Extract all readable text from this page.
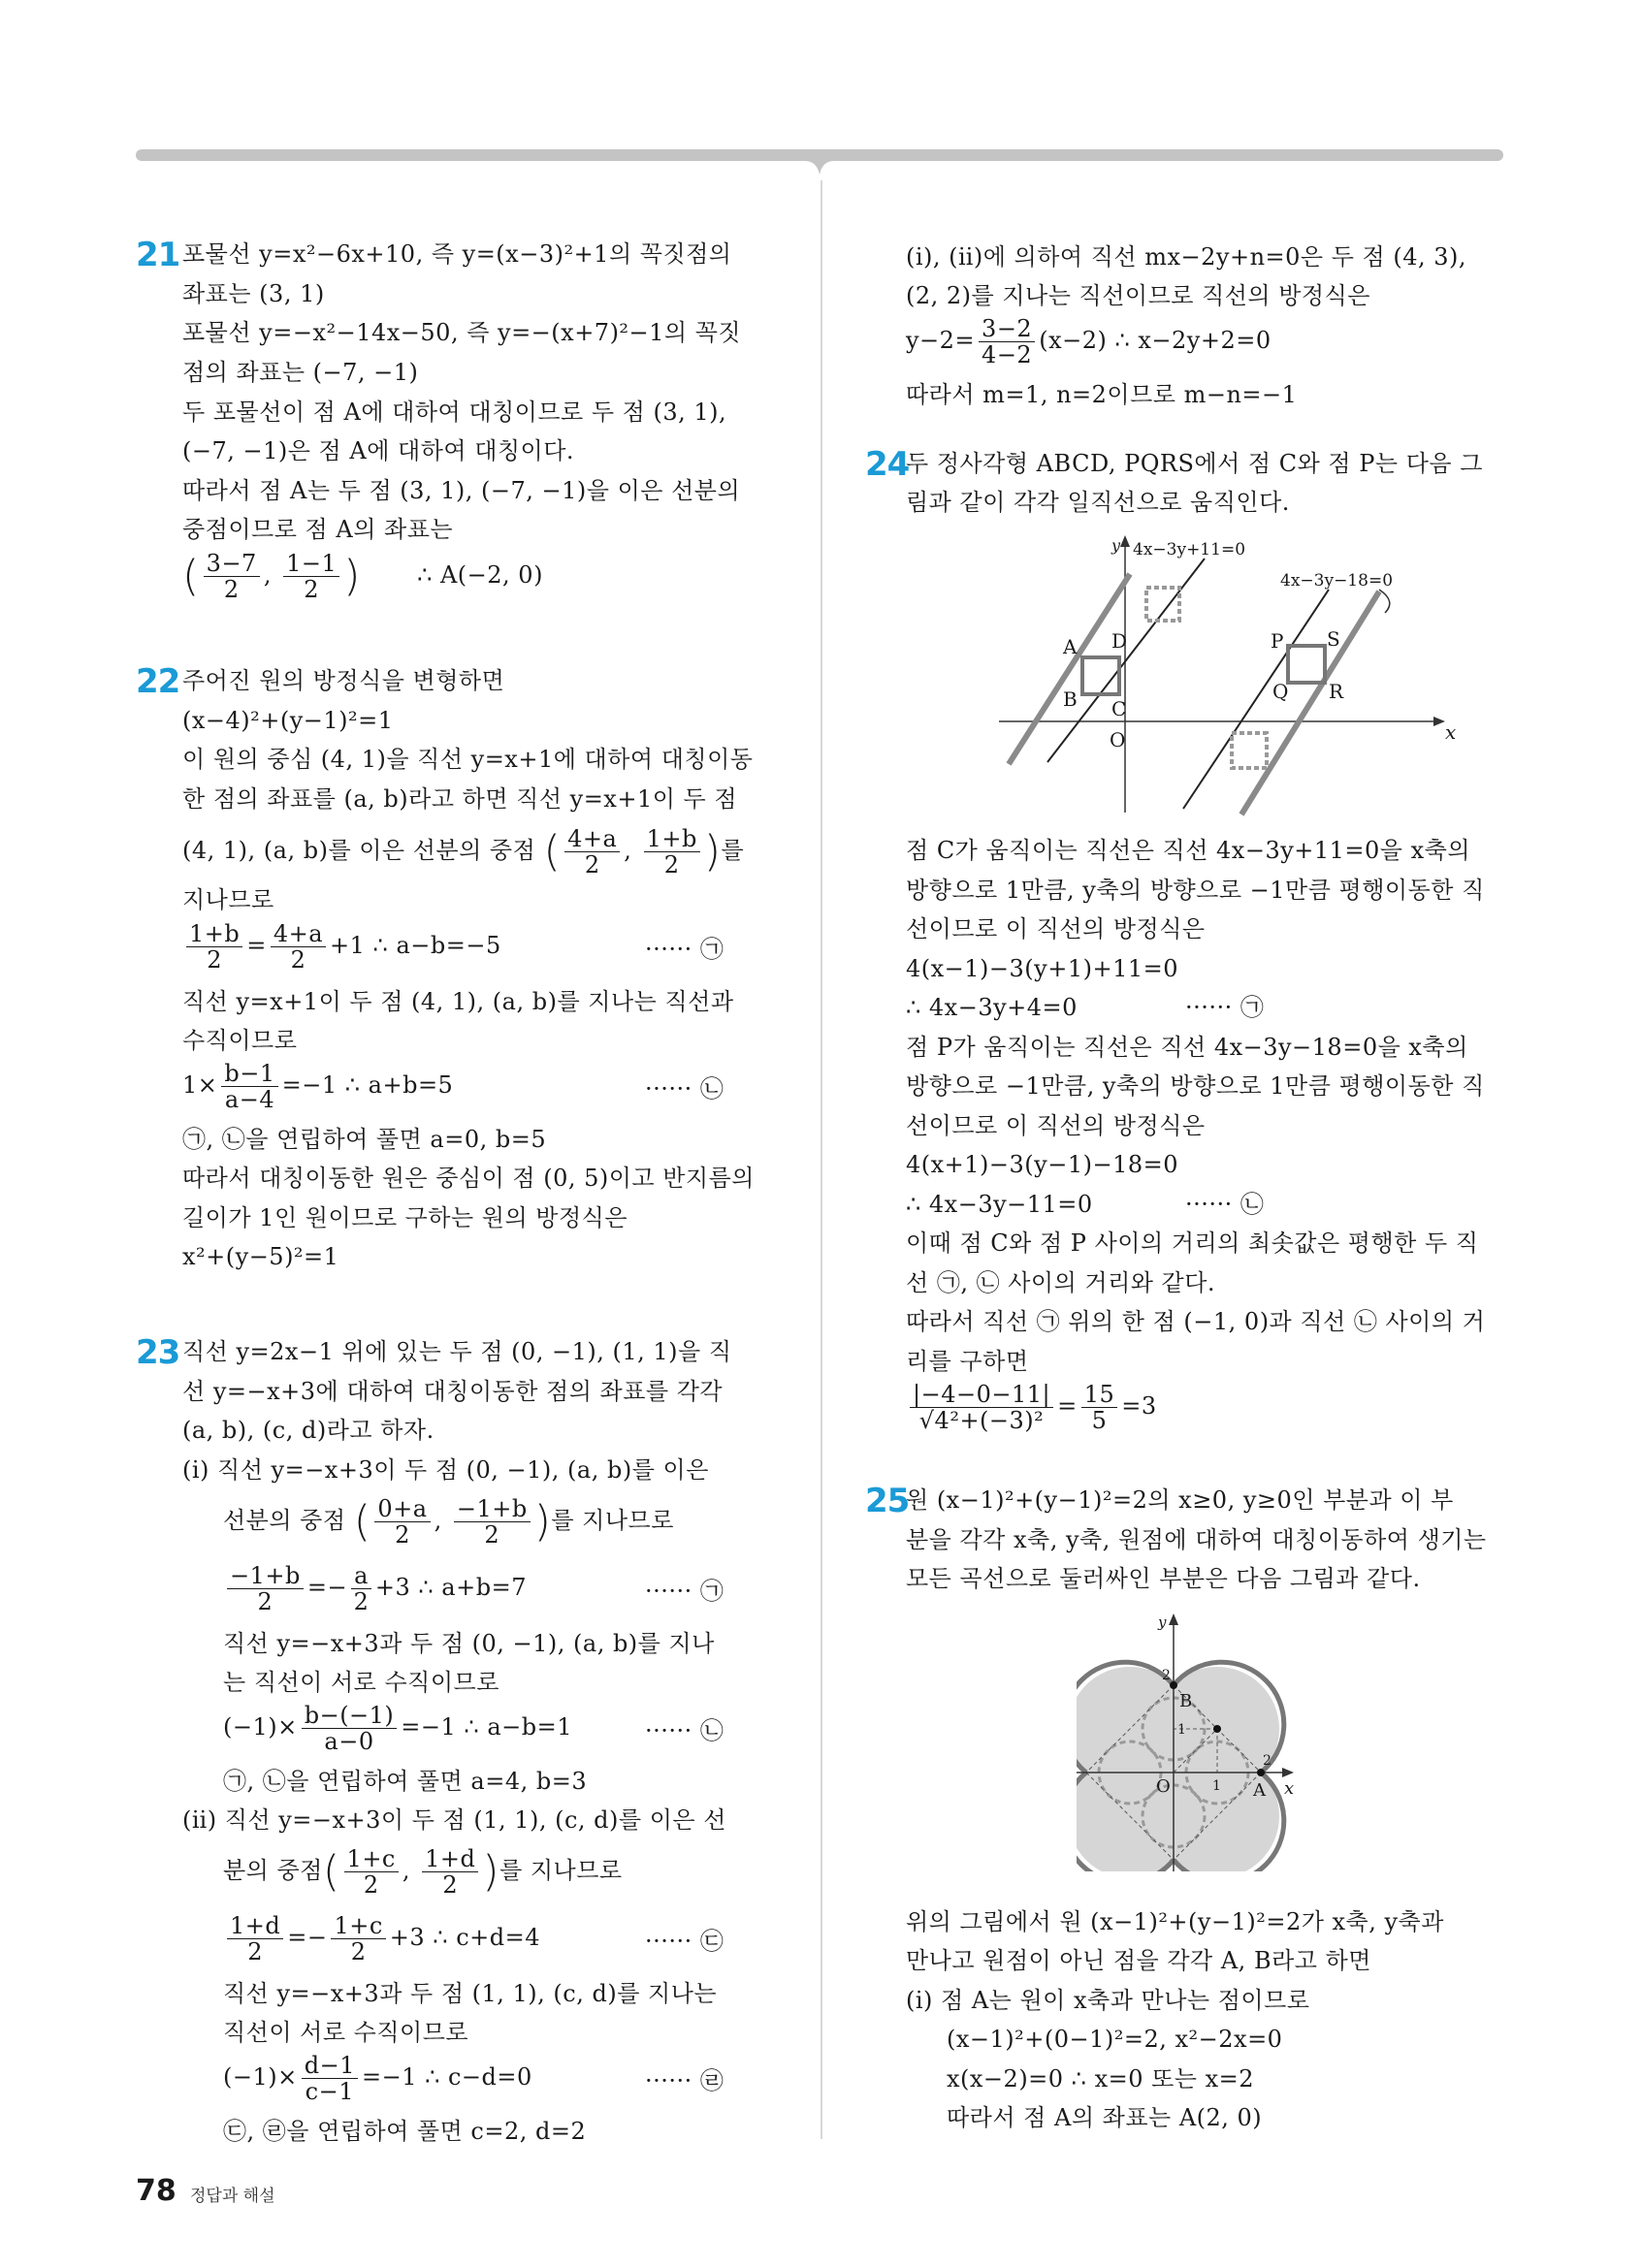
21 포물선 y=x²−6x+10, 즉 y=(x−3)²+1의 꼭짓점의
좌표는 (3, 1)
포물선 y=−x²−14x−50, 즉 y=−(x+7)²−1의 꼭짓
점의 좌표는 (−7, −1)
두 포물선이 점 A에 대하여 대칭이므로 두 점 (3, 1),
(−7, −1)은 점 A에 대하여 대칭이다.
따라서 점 A는 두 점 (3, 1), (−7, −1)을 이은 선분의
중점이므로 점 A의 좌표는
( $\frac{3-7}{2}$ , $\frac{1-1}{2}$ ) ∴ A(−2, 0)
22 주어진 원의 방정식을 변형하면
(x−4)²+(y−1)²=1
이 원의 중심 (4, 1)을 직선 y=x+1에 대하여 대칭이동
한 점의 좌표를 (a, b)라고 하면 직선 y=x+1이 두 점
(4, 1), (a, b)를 이은 선분의 중점 ( $\frac{4+a}{2}$ , $\frac{1+b}{2}$ )를
지나므로
$\frac{1+b}{2} = \frac{4+a}{2} +1$ ∴ a−b=−5	······ ㉠
직선 y=x+1이 두 점 (4, 1), (a, b)를 지나는 직선과
수직이므로
$1\times \frac{b-1}{a-4} =-1$ ∴ a+b=5	······ ㉡
㉠, ㉡을 연립하여 풀면 a=0, b=5
따라서 대칭이동한 원은 중심이 점 (0, 5)이고 반지름의
길이가 1인 원이므로 구하는 원의 방정식은
x²+(y−5)²=1
23 직선 y=2x−1 위에 있는 두 점 (0, −1), (1, 1)을 직
선 y=−x+3에 대하여 대칭이동한 점의 좌표를 각각
(a, b), (c, d)라고 하자.
(ⅰ) 직선 y=−x+3이 두 점 (0, −1), (a, b)를 이은
선분의 중점 ( $\frac{0+a}{2}$ , $\frac{-1+b}{2}$ )를 지나므로
$\frac{-1+b}{2} =- \frac{a}{2} +3$ ∴ a+b=7	······ ㉠
직선 y=−x+3과 두 점 (0, −1), (a, b)를 지나
는 직선이 서로 수직이므로
$(-1)\times \frac{b-(-1)}{a-0} =-1$ ∴ a−b=1	······ ㉡
㉠, ㉡을 연립하여 풀면 a=4, b=3
(ⅱ) 직선 y=−x+3이 두 점 (1, 1), (c, d)를 이은 선
분의 중점( $\frac{1+c}{2}$ , $\frac{1+d}{2}$ )를 지나므로
$\frac{1+d}{2} =- \frac{1+c}{2} +3$ ∴ c+d=4	······ ㉢
직선 y=−x+3과 두 점 (1, 1), (c, d)를 지나는
직선이 서로 수직이므로
$(-1)\times \frac{d-1}{c-1} =-1$ ∴ c−d=0	······ ㉣
㉢, ㉣을 연립하여 풀면 c=2, d=2
(ⅰ), (ⅱ)에 의하여 직선 mx−2y+n=0은 두 점 (4, 3),
(2, 2)를 지나는 직선이므로 직선의 방정식은
$y-2= \frac{3-2}{4-2} (x-2)$ ∴ x−2y+2=0
따라서 m=1, n=2이므로 m−n=−1
24
두 정사각형 ABCD, PQRS에서 점 C와 점 P는 다음 그
림과 같이 각각 일직선으로 움직인다.
y
x
O
4x−3y+11=0
4x−3y−18=0
A
B C
D	P
Q R
S
점 C가 움직이는 직선은 직선 4x−3y+11=0을 x축의
방향으로 1만큼, y축의 방향으로 −1만큼 평행이동한 직
선이므로 이 직선의 방정식은
4(x−1)−3(y+1)+11=0
∴ 4x−3y+4=0	······ ㉠
점 P가 움직이는 직선은 직선 4x−3y−18=0을 x축의
방향으로 −1만큼, y축의 방향으로 1만큼 평행이동한 직
선이므로 이 직선의 방정식은
4(x+1)−3(y−1)−18=0
∴ 4x−3y−11=0	······ ㉡
이때 점 C와 점 P 사이의 거리의 최솟값은 평행한 두 직
선 ㉠, ㉡ 사이의 거리와 같다.
따라서 직선 ㉠ 위의 한 점 (−1, 0)과 직선 ㉡ 사이의 거
리를 구하면
$\frac{|-4-0-11|}{\text{√4²+(−3)²}} = \frac{15}{5} =3$
25
원 (x−1)²+(y−1)²=2의 x≥0, y≥0인 부분과 이 부
분을 각각 x축, y축, 원점에 대하여 대칭이동하여 생기는
모든 곡선으로 둘러싸인 부분은 다음 그림과 같다.
y
x
O	A
B
1
2
1
2
위의 그림에서 원 (x−1)²+(y−1)²=2가 x축, y축과
만나고 원점이 아닌 점을 각각 A, B라고 하면
(ⅰ) 점 A는 원이 x축과 만나는 점이므로
(x−1)²+(0−1)²=2, x²−2x=0
x(x−2)=0 ∴ x=0 또는 x=2
따라서 점 A의 좌표는 A(2, 0)
78 정답과 해설
